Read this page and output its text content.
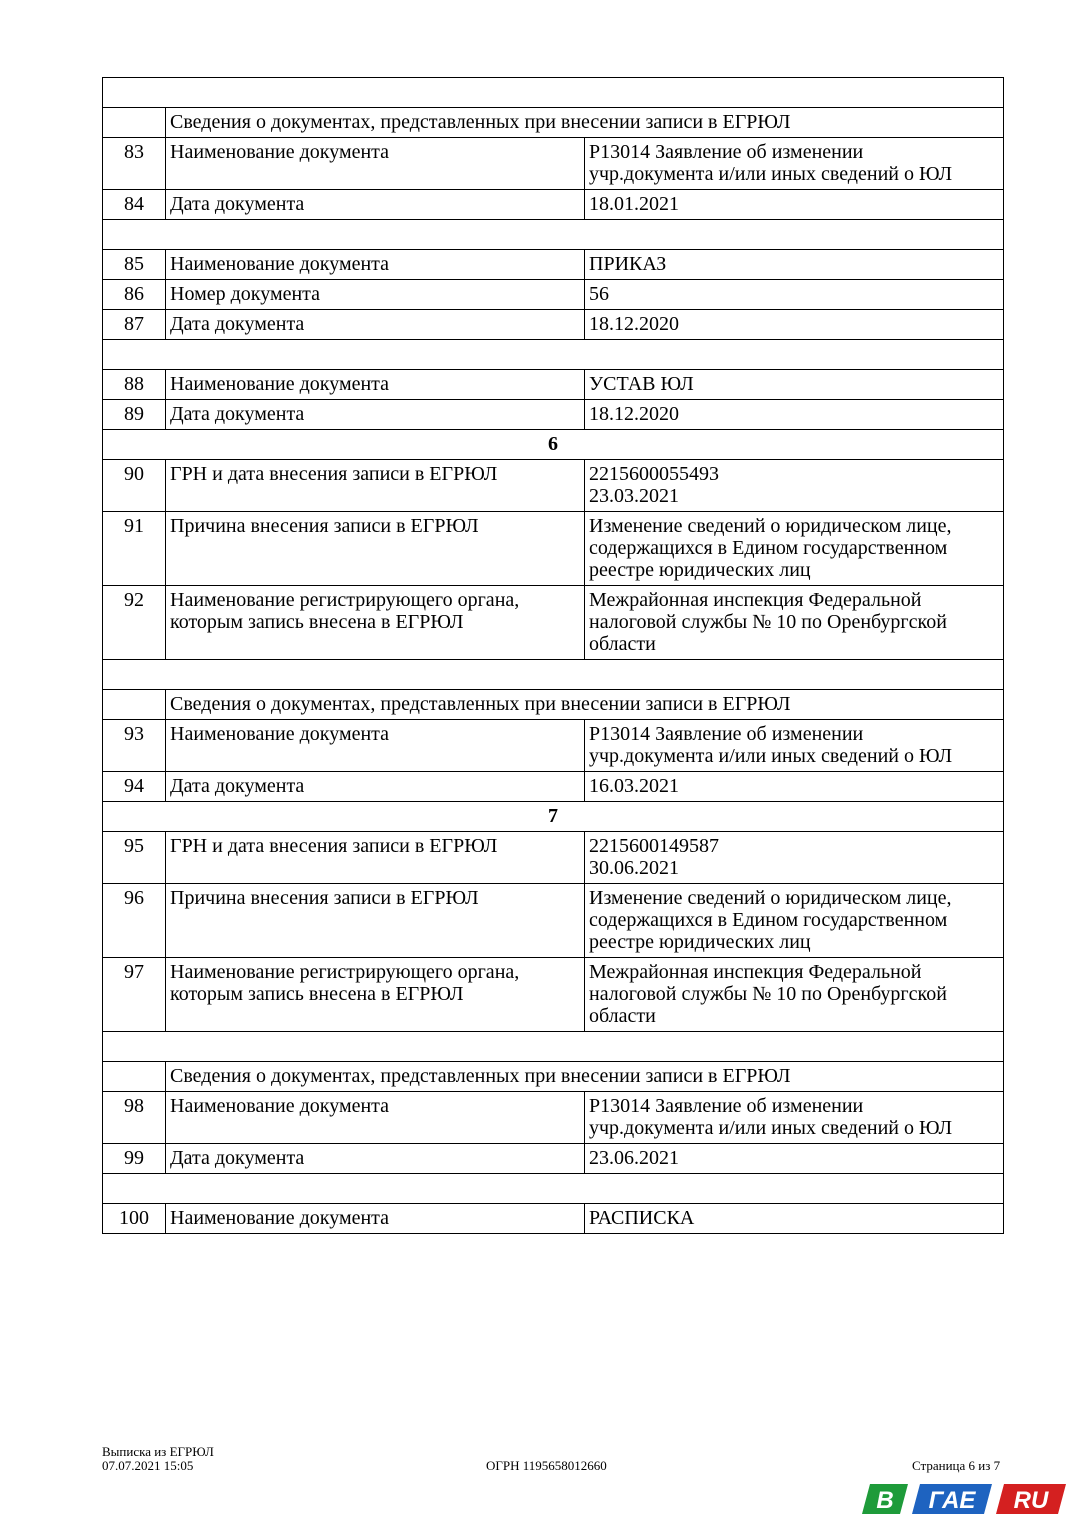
	Сведения о документах, представленных при внесении записи в ЕГРЮЛ	
83	Наименование документа	Р13014 Заявление об изменении
учр.документа и/или иных сведений о ЮЛ
84	Дата документа	18.01.2021

85	Наименование документа	ПРИКАЗ
86	Номер документа	56
87	Дата документа	18.12.2020

88	Наименование документа	УСТАВ ЮЛ
89	Дата документа	18.12.2020
6		
90	ГРН и дата внесения записи в ЕГРЮЛ	2215600055493
23.03.2021
91	Причина внесения записи в ЕГРЮЛ	Изменение сведений о юридическом лице,
содержащихся в Едином государственном
реестре юридических лиц
92	Наименование регистрирующего органа,
которым запись внесена в ЕГРЮЛ	Межрайонная инспекция Федеральной
налоговой службы № 10 по Оренбургской
области

	Сведения о документах, представленных при внесении записи в ЕГРЮЛ	
93	Наименование документа	Р13014 Заявление об изменении
учр.документа и/или иных сведений о ЮЛ
94	Дата документа	16.03.2021
7		
95	ГРН и дата внесения записи в ЕГРЮЛ	2215600149587
30.06.2021
96	Причина внесения записи в ЕГРЮЛ	Изменение сведений о юридическом лице,
содержащихся в Едином государственном
реестре юридических лиц
97	Наименование регистрирующего органа,
которым запись внесена в ЕГРЮЛ	Межрайонная инспекция Федеральной
налоговой службы № 10 по Оренбургской
области

	Сведения о документах, представленных при внесении записи в ЕГРЮЛ	
98	Наименование документа	Р13014 Заявление об изменении
учр.документа и/или иных сведений о ЮЛ
99	Дата документа	23.06.2021

100	Наименование документа	РАСПИСКА
Выписка из ЕГРЮЛ
07.07.2021 15:05	ОГРН 1195658012660	Страница 6 из 7
В ГАЕ RU
